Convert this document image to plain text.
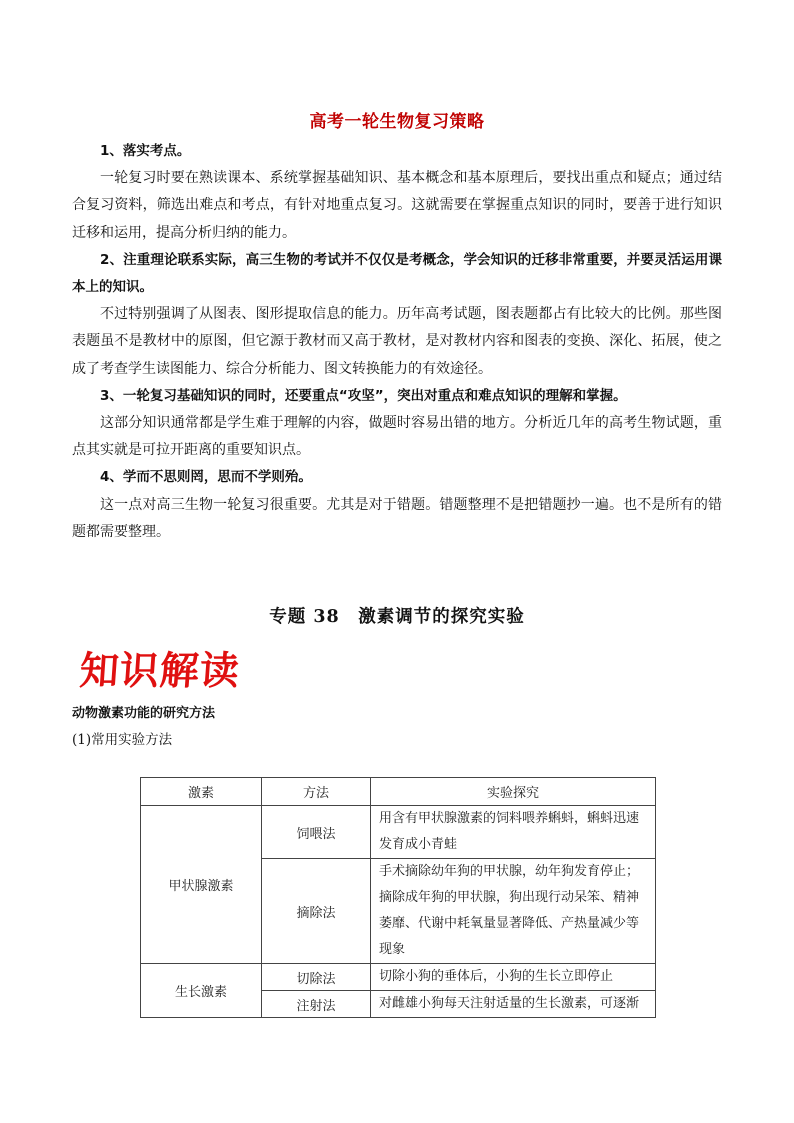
高考一轮生物复习策略

1、落实考点。

一轮复习时要在熟读课本、系统掌握基础知识、基本概念和基本原理后，要找出重点和疑点；通过结合复习资料，筛选出难点和考点，有针对地重点复习。这就需要在掌握重点知识的同时，要善于进行知识迁移和运用，提高分析归纳的能力。

2、注重理论联系实际，高三生物的考试并不仅仅是考概念，学会知识的迁移非常重要，并要灵活运用课本上的知识。

不过特别强调了从图表、图形提取信息的能力。历年高考试题，图表题都占有比较大的比例。那些图表题虽不是教材中的原图，但它源于教材而又高于教材，是对教材内容和图表的变换、深化、拓展，使之成了考查学生读图能力、综合分析能力、图文转换能力的有效途径。

3、一轮复习基础知识的同时，还要重点“攻坚”，突出对重点和难点知识的理解和掌握。

这部分知识通常都是学生难于理解的内容，做题时容易出错的地方。分析近几年的高考生物试题，重点其实就是可拉开距离的重要知识点。

4、学而不思则罔，思而不学则殆。

这一点对高三生物一轮复习很重要。尤其是对于错题。错题整理不是把错题抄一遍。也不是所有的错题都需要整理。

专题 38　激素调节的探究实验
知识解读
动物激素功能的研究方法
(1)常用实验方法
激素	方法	实验探究
甲状腺激素	饲喂法	用含有甲状腺激素的饲料喂养蝌蚪，蝌蚪迅速发育成小青蛙
	摘除法	手术摘除幼年狗的甲状腺，幼年狗发育停止；摘除成年狗的甲状腺，狗出现行动呆笨、精神萎靡、代谢中耗氧量显著降低、产热量减少等现象
生长激素	切除法	切除小狗的垂体后，小狗的生长立即停止
	注射法	对雌雄小狗每天注射适量的生长激素，可逐渐
